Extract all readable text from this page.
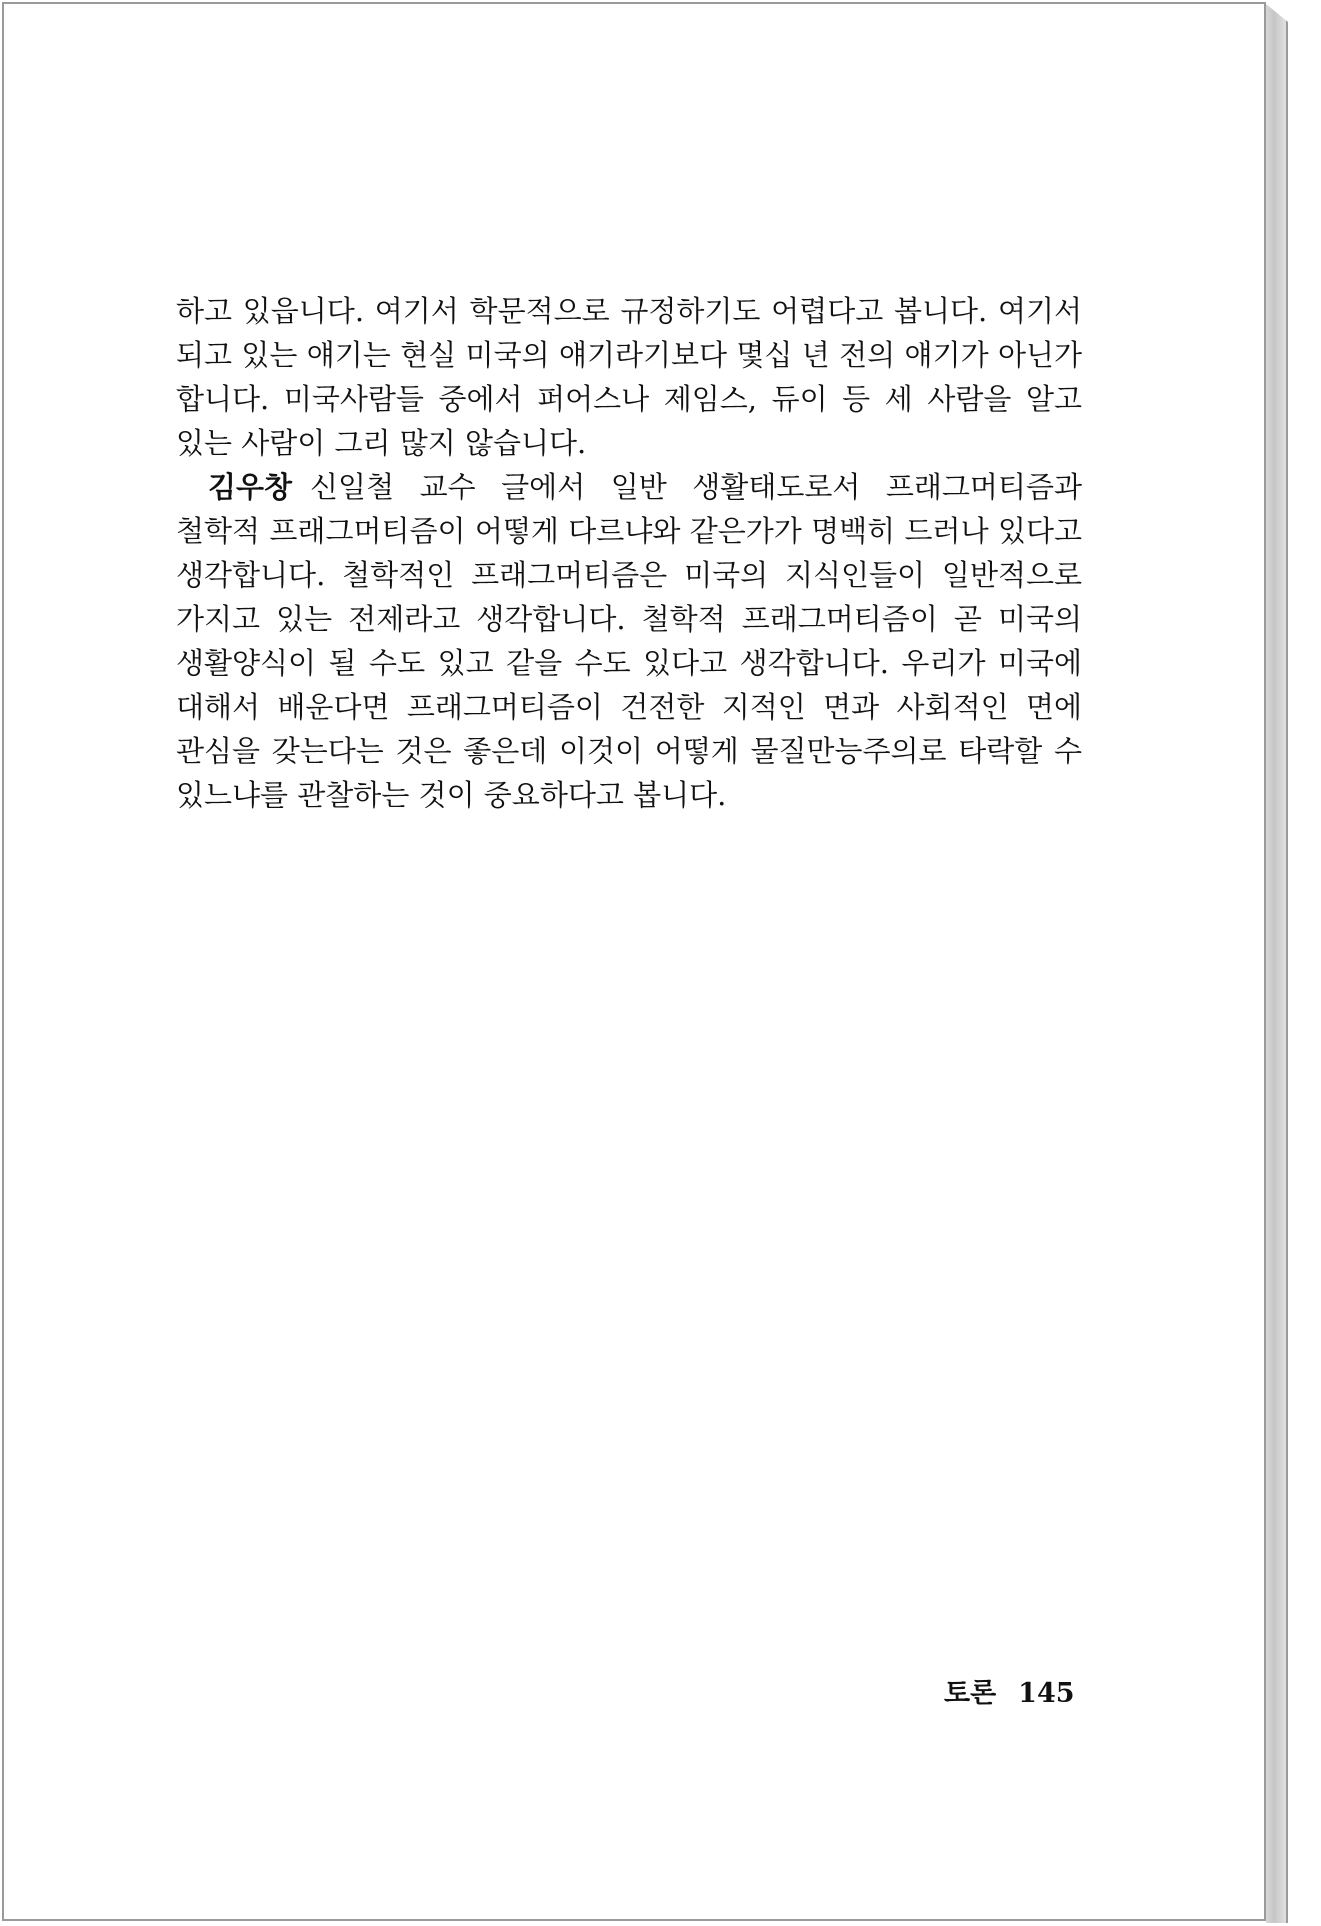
하고 있읍니다. 여기서 학문적으로 규정하기도 어렵다고 봅니다. 여기서 되고 있는 얘기는 현실 미국의 얘기라기보다 몇십 년 전의 얘기가 아닌가 합니다. 미국사람들 중에서 퍼어스나 제임스, 듀이 등 세 사람을 알고 있는 사람이 그리 많지 않습니다.

김우창 신일철 교수 글에서 일반 생활태도로서 프래그머티즘과 철학적 프래그머티즘이 어떻게 다르냐와 같은가가 명백히 드러나 있다고 생각합니다. 철학적인 프래그머티즘은 미국의 지식인들이 일반적으로 가지고 있는 전제라고 생각합니다. 철학적 프래그머티즘이 곧 미국의 생활양식이 될 수도 있고 같을 수도 있다고 생각합니다. 우리가 미국에 대해서 배운다면 프래그머티즘이 건전한 지적인 면과 사회적인 면에 관심을 갖는다는 것은 좋은데 이것이 어떻게 물질만능주의로 타락할 수 있느냐를 관찰하는 것이 중요하다고 봅니다.

토론 145
